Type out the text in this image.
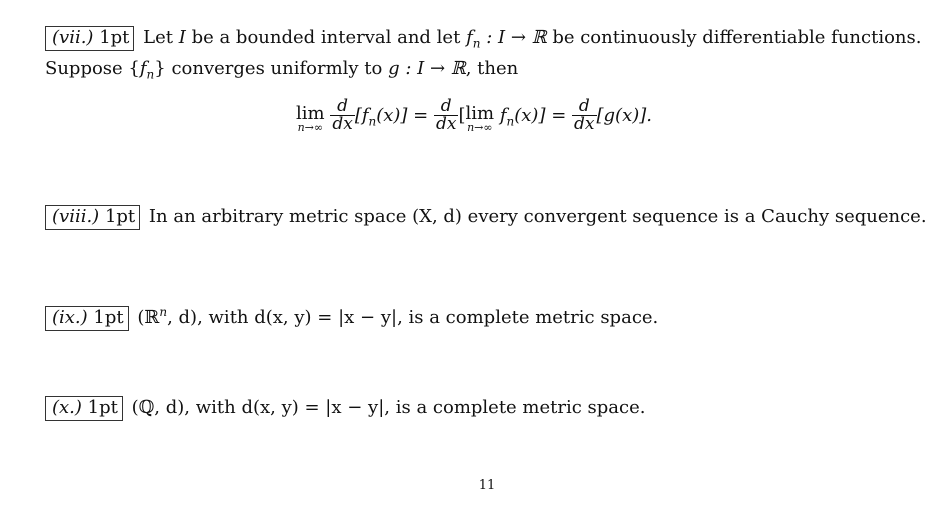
(vii.) 1pt Let I be a bounded interval and let $f_n$ : I → ℝ be continuously differentiable functions.
Suppose $\{f_n\}$ converges uniformly to g : I → ℝ, then
lim
n→∞
$\frac{d}{dx} [f_n(x)] = \frac{d}{dx}$ [ lim
n→∞
$f_n(x)] = \frac{d}{dx} [g(x)]$.
(viii.) 1pt In an arbitrary metric space (X, d) every convergent sequence is a Cauchy sequence.
(ix.) 1pt (ℝ$^n$, d), with d(x, y) = |x − y|, is a complete metric space.
(x.) 1pt (ℚ, d), with d(x, y) = |x − y|, is a complete metric space.
11
